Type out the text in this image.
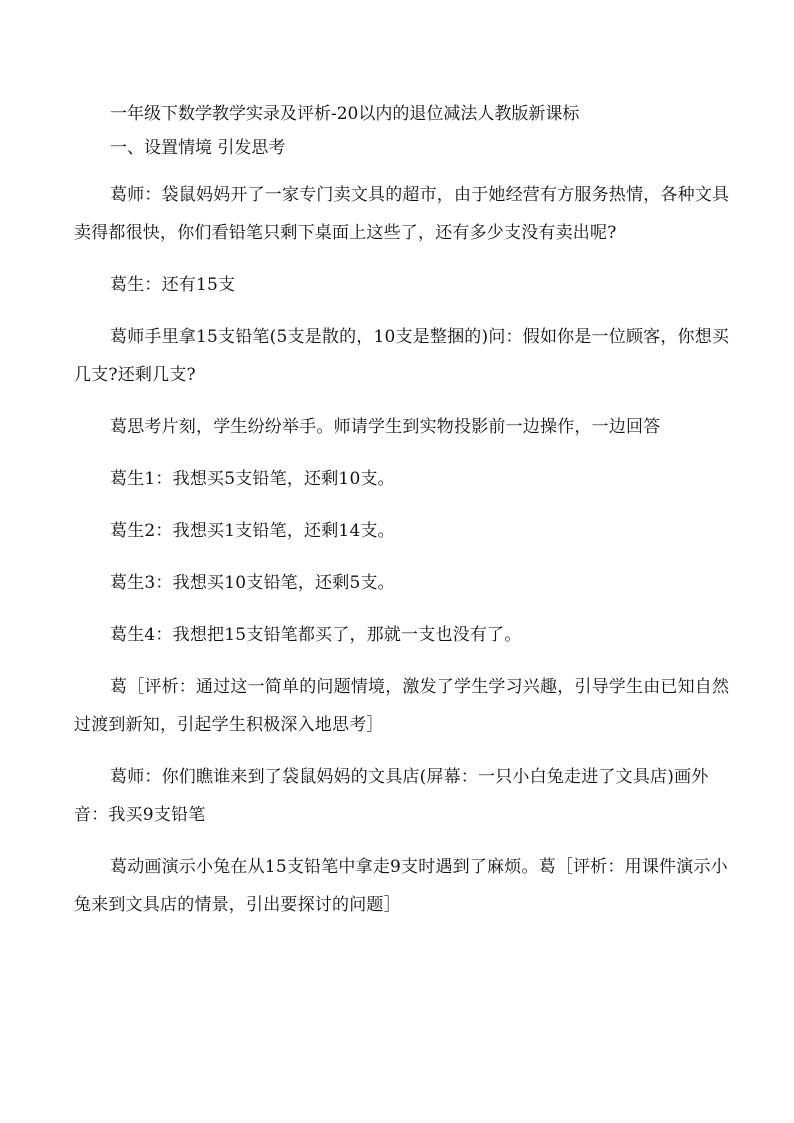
一年级下数学教学实录及评析-20以内的退位减法人教版新课标
一、设置情境 引发思考

葛师：袋鼠妈妈开了一家专门卖文具的超市，由于她经营有方服务热情，各种文具卖得都很快，你们看铅笔只剩下桌面上这些了，还有多少支没有卖出呢?

葛生：还有15支

葛师手里拿15支铅笔(5支是散的，10支是整捆的)问：假如你是一位顾客，你想买几支?还剩几支?

葛思考片刻，学生纷纷举手。师请学生到实物投影前一边操作，一边回答

葛生1：我想买5支铅笔，还剩10支。

葛生2：我想买1支铅笔，还剩14支。

葛生3：我想买10支铅笔，还剩5支。

葛生4：我想把15支铅笔都买了，那就一支也没有了。

葛［评析：通过这一简单的问题情境，激发了学生学习兴趣，引导学生由已知自然过渡到新知，引起学生积极深入地思考］

葛师：你们瞧谁来到了袋鼠妈妈的文具店(屏幕：一只小白兔走进了文具店)画外音：我买9支铅笔

葛动画演示小兔在从15支铅笔中拿走9支时遇到了麻烦。葛［评析：用课件演示小兔来到文具店的情景，引出要探讨的问题］
